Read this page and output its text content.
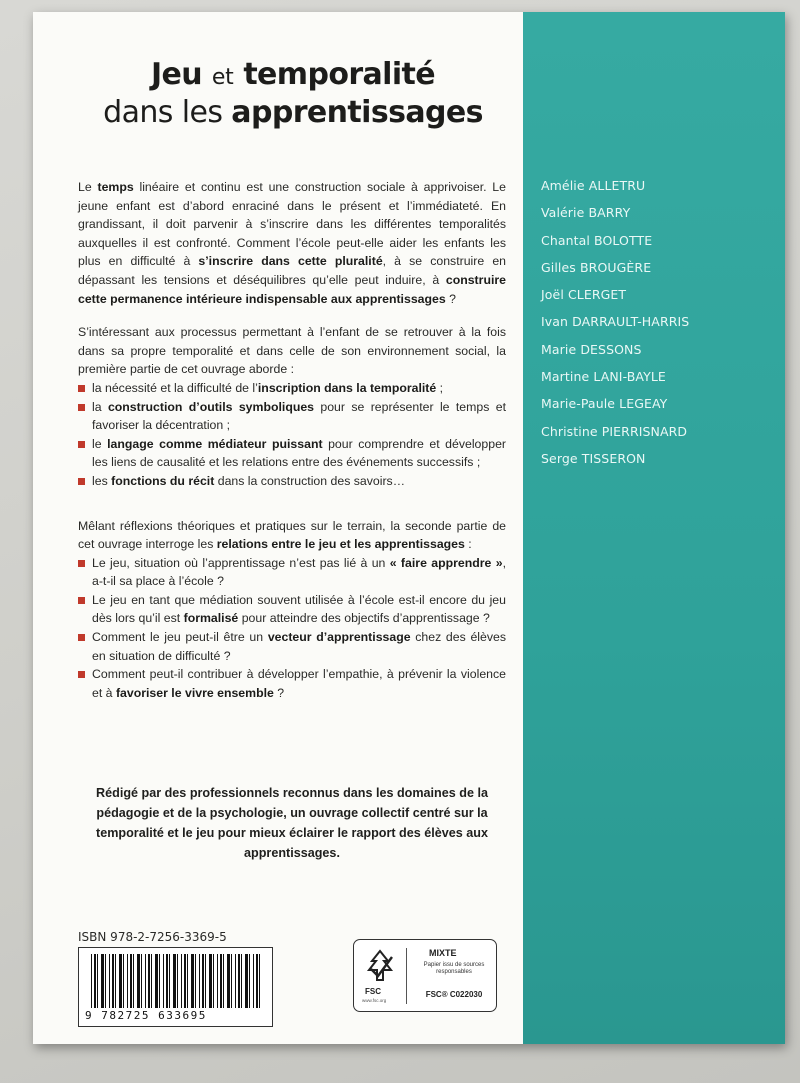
Jeu et temporalité
dans les apprentissages

Le temps linéaire et continu est une construction sociale à apprivoiser. Le jeune enfant est d’abord enraciné dans le présent et l’immédiateté. En grandissant, il doit parvenir à s’inscrire dans les différentes temporalités auxquelles il est confronté. Comment l’école peut-elle aider les enfants les plus en difficulté à s’inscrire dans cette pluralité, à se construire en dépassant les tensions et déséquilibres qu’elle peut induire, à construire cette permanence intérieure indispensable aux apprentissages ?

S’intéressant aux processus permettant à l’enfant de se retrouver à la fois dans sa propre temporalité et dans celle de son environnement social, la première partie de cet ouvrage aborde :

la nécessité et la difficulté de l’inscription dans la temporalité ;
la construction d’outils symboliques pour se représenter le temps et favoriser la décentration ;
le langage comme médiateur puissant pour comprendre et développer les liens de causalité et les relations entre des événements successifs ;
les fonctions du récit dans la construction des savoirs…

Mêlant réflexions théoriques et pratiques sur le terrain, la seconde partie de cet ouvrage interroge les relations entre le jeu et les apprentissages :

Le jeu, situation où l’apprentissage n’est pas lié à un « faire apprendre », a-t-il sa place à l’école ?
Le jeu en tant que médiation souvent utilisée à l’école est-il encore du jeu dès lors qu’il est formalisé pour atteindre des objectifs d’apprentissage ?
Comment le jeu peut-il être un vecteur d’apprentissage chez des élèves en situation de difficulté ?
Comment peut-il contribuer à développer l’empathie, à prévenir la violence et à favoriser le vivre ensemble ?
Rédigé par des professionnels reconnus dans les domaines de la pédagogie et de la psychologie, un ouvrage collectif centré sur la temporalité et le jeu pour mieux éclairer le rapport des élèves aux apprentissages.
Amélie ALLETRU
Valérie BARRY
Chantal BOLOTTE
Gilles BROUGÈRE
Joël CLERGET
Ivan DARRAULT-HARRIS
Marie DESSONS
Martine LANI-BAYLE
Marie-Paule LEGEAY
Christine PIERRISNARD
Serge TISSERON
ISBN 978-2-7256-3369-5
9 782725 633695
FSC
www.fsc.org
MIXTE
Papier issu de sources responsables
FSC® C022030
